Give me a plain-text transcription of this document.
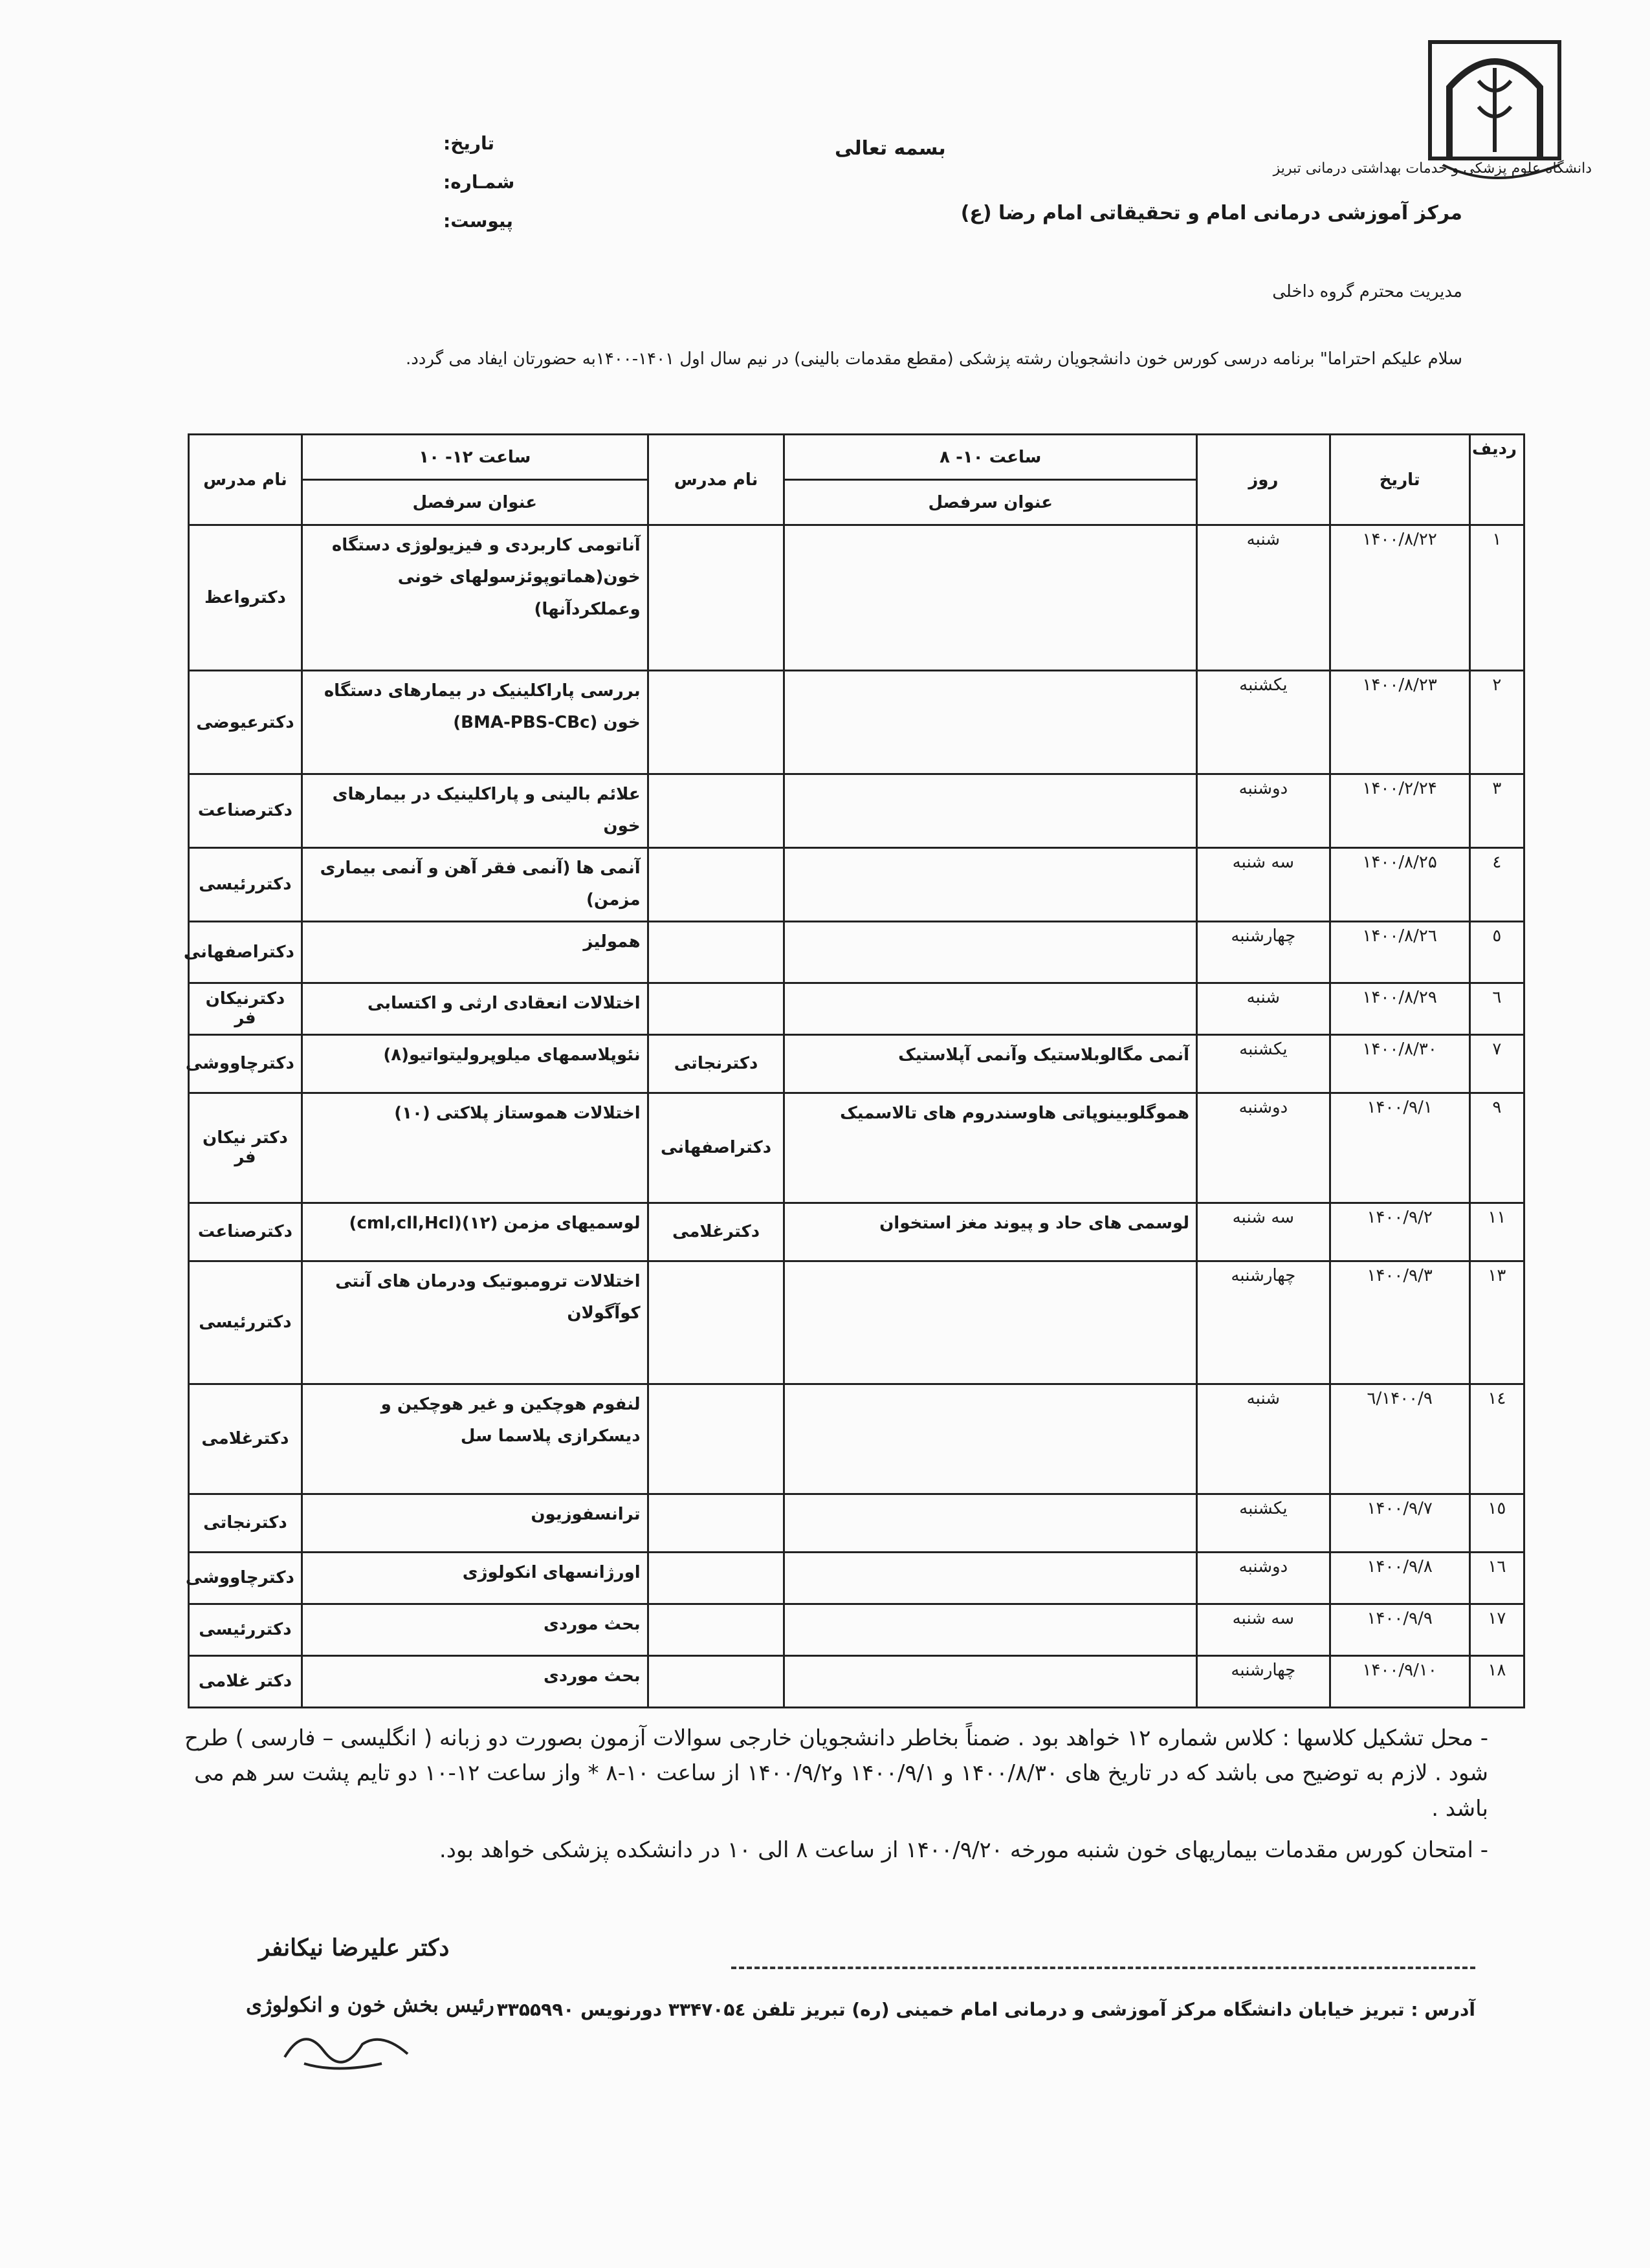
دانشگاه علوم پزشکی و خدمات بهداشتی درمانی تبریز
بسمه تعالی
تاریخ:
شمـاره:
پیوست:	مرکز آموزشی درمانی امام و تحقیقاتی امام رضا (ع)
مدیریت محترم گروه داخلی
سلام علیکم احتراما" برنامه درسی کورس خون دانشجویان رشته پزشکی (مقطع مقدمات بالینی) در نیم سال اول ۱۴۰۱-۱۴۰۰به حضورتان ایفاد می گردد.
ردیف	تاریخ	روز	ساعت ۱۰- ۸	نام مدرس	ساعت ۱۲- ۱۰	نام مدرس
			عنوان سرفصل		عنوان سرفصل	
۱	۱۴۰۰/۸/۲۲	شنبه			آناتومی کاربردی و فیزیولوژی دستگاه خون(هماتوپوئزسولهای خونی وعملکردآنها)	دکترواعظ
۲	۱۴۰۰/۸/۲۳	یکشنبه			بررسی پاراکلینیک در بیمارهای دستگاه خون (BMA-PBS-CBc)	دکترعیوضی
۳	۱۴۰۰/۲/۲۴	دوشنبه			علائم بالینی و پاراکلینیک در بیمارهای خون	دکترصناعت
٤	۱۴۰۰/۸/۲۵	سه شنبه			آنمی ها (آنمی فقر آهن و آنمی بیماری مزمن)	دکتررئیسی
٥	۱۴۰۰/۸/۲٦	چهارشنبه			همولیز	دکتراصفهانی
٦	۱۴۰۰/۸/۲۹	شنبه			اختلالات انعقادی ارثی و اکتسابی	دکترنیکان فر
۷	۱۴۰۰/۸/۳۰	یکشنبه	آنمی مگالوبلاستیک وآنمی آپلاستیک	دکترنجاتی	نئوپلاسمهای میلوپرولیتواتیو(۸)	دکترچاووشی
۹	۱۴۰۰/۹/۱	دوشنبه	هموگلوبینوپاتی هاوسندروم های تالاسمیک	دکتراصفهانی	اختلالات هموستاز پلاکتی (۱۰)	دکتر نیکان فر
۱۱	۱۴۰۰/۹/۲	سه شنبه	لوسمی های حاد و پیوند مغز استخوان	دکترغلامی	لوسمیهای مزمن (۱۲)(cml,cll,Hcl)	دکترصناعت
۱۳	۱۴۰۰/۹/۳	چهارشنبه			اختلالات ترومبوتیک ودرمان های آنتی کوآگولان	دکتررئیسی
۱٤	۱۴۰۰/۹/٦	شنبه			لنفوم هوچکین و غیر هوچکین و دیسکرازی پلاسما سل	دکترغلامی
۱٥	۱۴۰۰/۹/۷	یکشنبه			ترانسفوزیون	دکترنجاتی
۱٦	۱۴۰۰/۹/۸	دوشنبه			اورژانسهای انکولوژی	دکترچاووشی
۱۷	۱۴۰۰/۹/۹	سه شنبه			بحث موردی	دکتررئیسی
۱۸	۱۴۰۰/۹/۱۰	چهارشنبه			بحث موردی	دکتر غلامی

- محل تشکیل کلاسها : کلاس شماره ۱۲ خواهد بود . ضمناً بخاطر دانشجویان خارجی سوالات آزمون بصورت دو زبانه ( انگلیسی – فارسی ) طرح شود . لازم به توضیح می باشد که در تاریخ های ۱۴۰۰/۸/۳۰ و ۱۴۰۰/۹/۱ و۱۴۰۰/۹/۲ از ساعت ۱۰-۸ * واز ساعت ۱۲-۱۰ دو تایم پشت سر هم می باشد .

- امتحان کورس مقدمات بیماریهای خون شنبه مورخه ۱۴۰۰/۹/۲۰ از ساعت ۸ الی ۱۰ در دانشکده پزشکی خواهد بود.

آدرس : تبریز خیابان دانشگاه مرکز آموزشی و درمانی امام خمینی (ره) تبریز تلفن ۳۳۴۷۰۵٤ دورنویس ۳۳۵۵۹۹۰
دکتر علیرضا نیکانفر
رئیس بخش خون و انکولوژی
